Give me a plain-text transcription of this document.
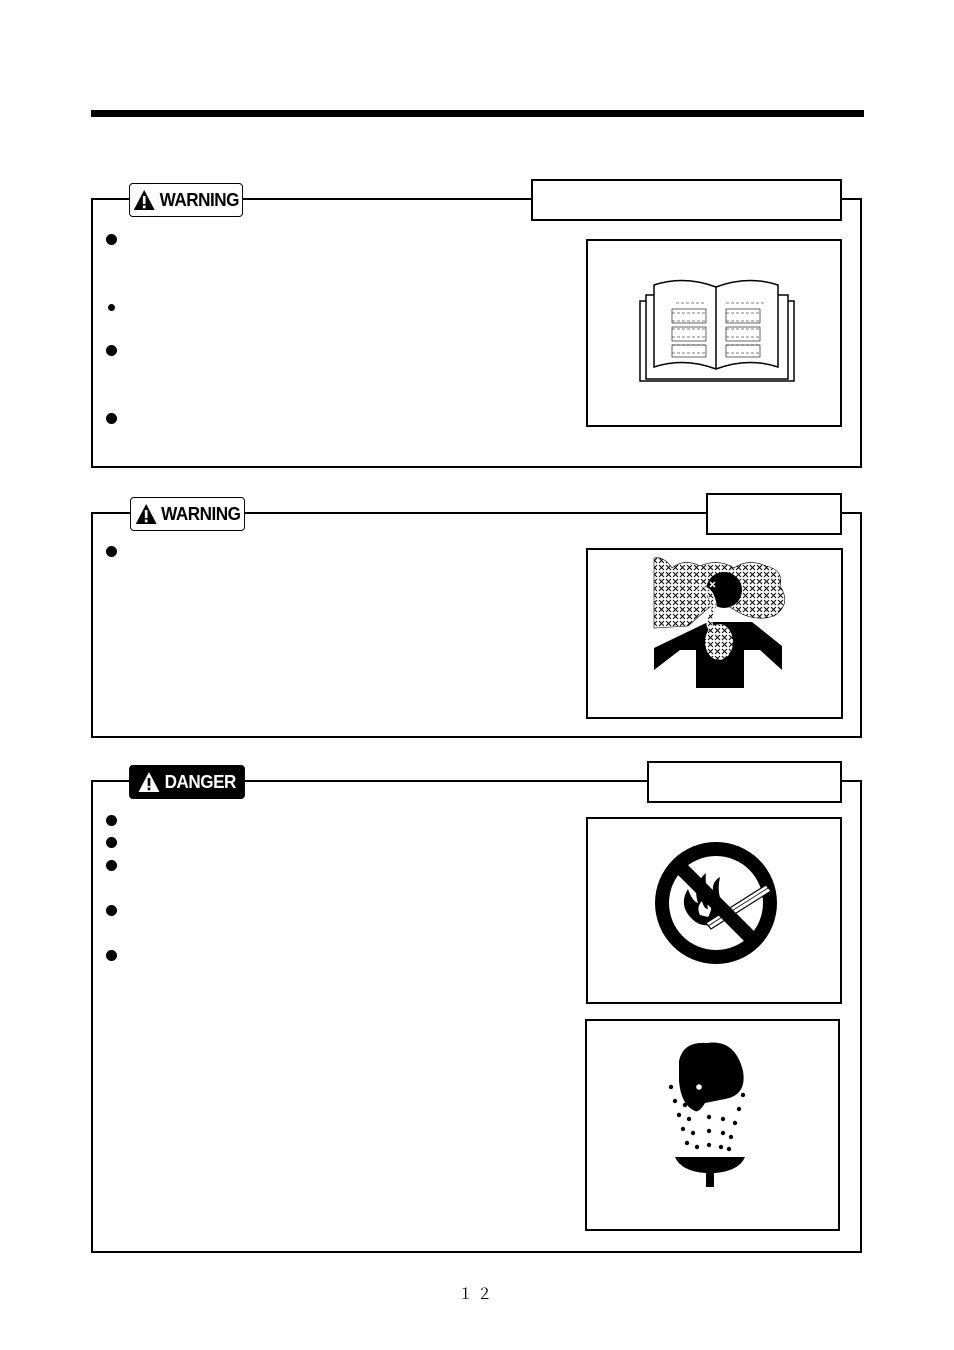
WARNING
WARNING
DANGER
１２
